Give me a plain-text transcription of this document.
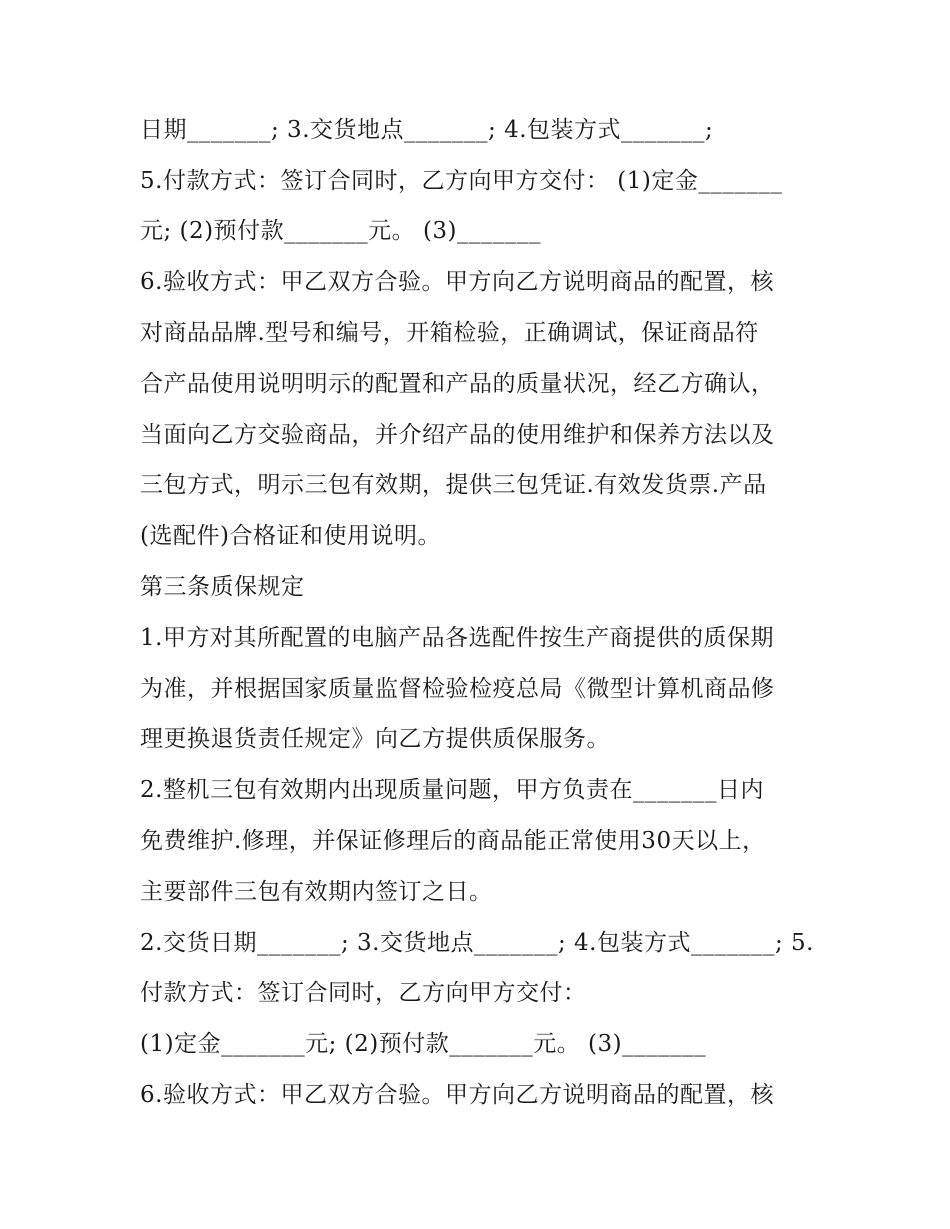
日期_______; 3.交货地点_______; 4.包装方式_______;
5.付款方式：签订合同时，乙方向甲方交付： (1)定金_______
元; (2)预付款_______元。 (3)_______
6.验收方式：甲乙双方合验。甲方向乙方说明商品的配置，核
对商品品牌.型号和编号，开箱检验，正确调试，保证商品符
合产品使用说明明示的配置和产品的质量状况，经乙方确认，
当面向乙方交验商品，并介绍产品的使用维护和保养方法以及
三包方式，明示三包有效期，提供三包凭证.有效发货票.产品
(选配件)合格证和使用说明。
第三条质保规定
1.甲方对其所配置的电脑产品各选配件按生产商提供的质保期
为准，并根据国家质量监督检验检疫总局《微型计算机商品修
理更换退货责任规定》向乙方提供质保服务。
2.整机三包有效期内出现质量问题，甲方负责在_______日内
免费维护.修理，并保证修理后的商品能正常使用30天以上，
主要部件三包有效期内签订之日。
2.交货日期_______; 3.交货地点_______; 4.包装方式_______; 5.
付款方式：签订合同时，乙方向甲方交付：
(1)定金_______元; (2)预付款_______元。 (3)_______
6.验收方式：甲乙双方合验。甲方向乙方说明商品的配置，核
